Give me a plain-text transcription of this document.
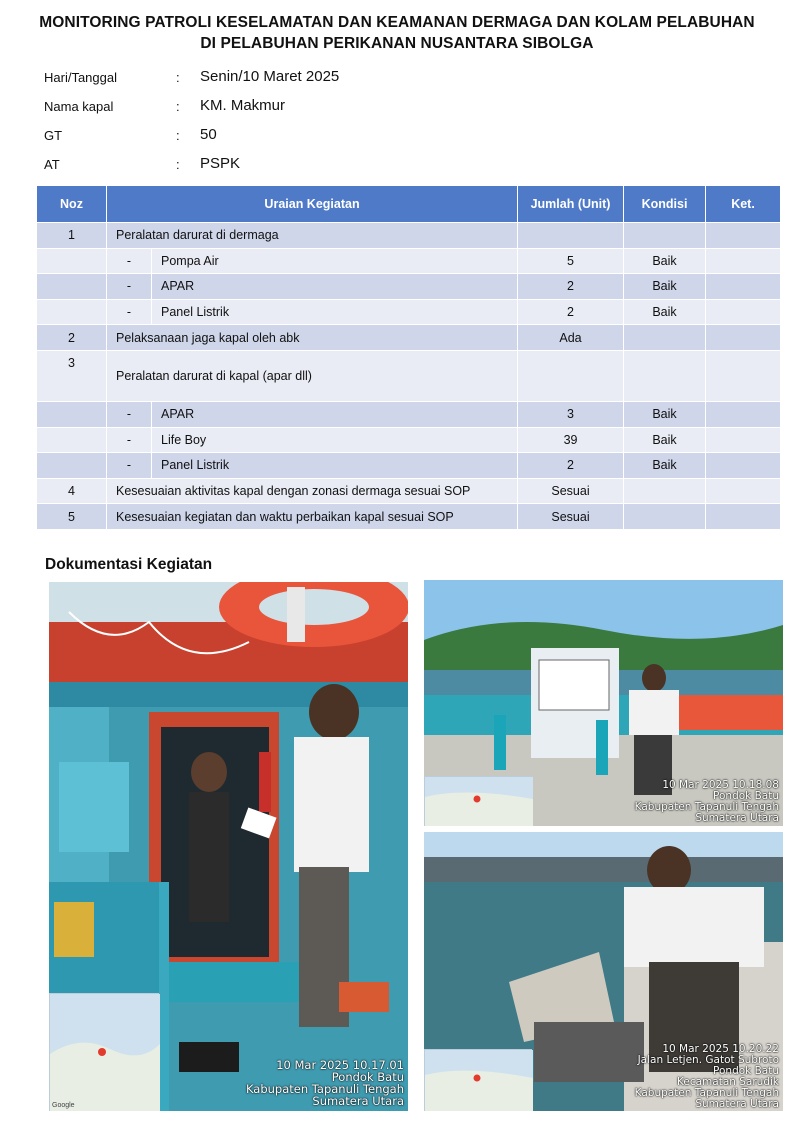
MONITORING PATROLI KESELAMATAN DAN KEAMANAN DERMAGA DAN KOLAM PELABUHAN
DI PELABUHAN PERIKANAN NUSANTARA SIBOLGA
Hari/Tanggal	: Senin/10 Maret 2025
Nama kapal	: KM. Makmur
GT	: 50
AT	: PSPK
Noz	Uraian Kegiatan		Jumlah (Unit)	Kondisi	Ket.
1	Peralatan darurat di dermaga				
	-	Pompa Air	5	Baik	
	-	APAR	2	Baik	
	-	Panel Listrik	2	Baik	
2	Pelaksanaan jaga kapal oleh abk		Ada		
3	Peralatan darurat di kapal (apar dll)				
	-	APAR	3	Baik	
	-	Life Boy	39	Baik	
	-	Panel Listrik	2	Baik	
4	Kesesuaian aktivitas kapal dengan zonasi dermaga sesuai SOP		Sesuai		
5	Kesesuaian kegiatan dan waktu perbaikan kapal sesuai SOP		Sesuai		
Dokumentasi Kegiatan
Google
10 Mar 2025 10.17.01
Pondok Batu
Kabupaten Tapanuli Tengah
Sumatera Utara
10 Mar 2025 10.18.08
Pondok Batu
Kabupaten Tapanuli Tengah
Sumatera Utara
10 Mar 2025 10.20.22
Jalan Letjen. Gatot Subroto
Pondok Batu
Kecamatan Sarudik
Kabupaten Tapanuli Tengah
Sumatera Utara
